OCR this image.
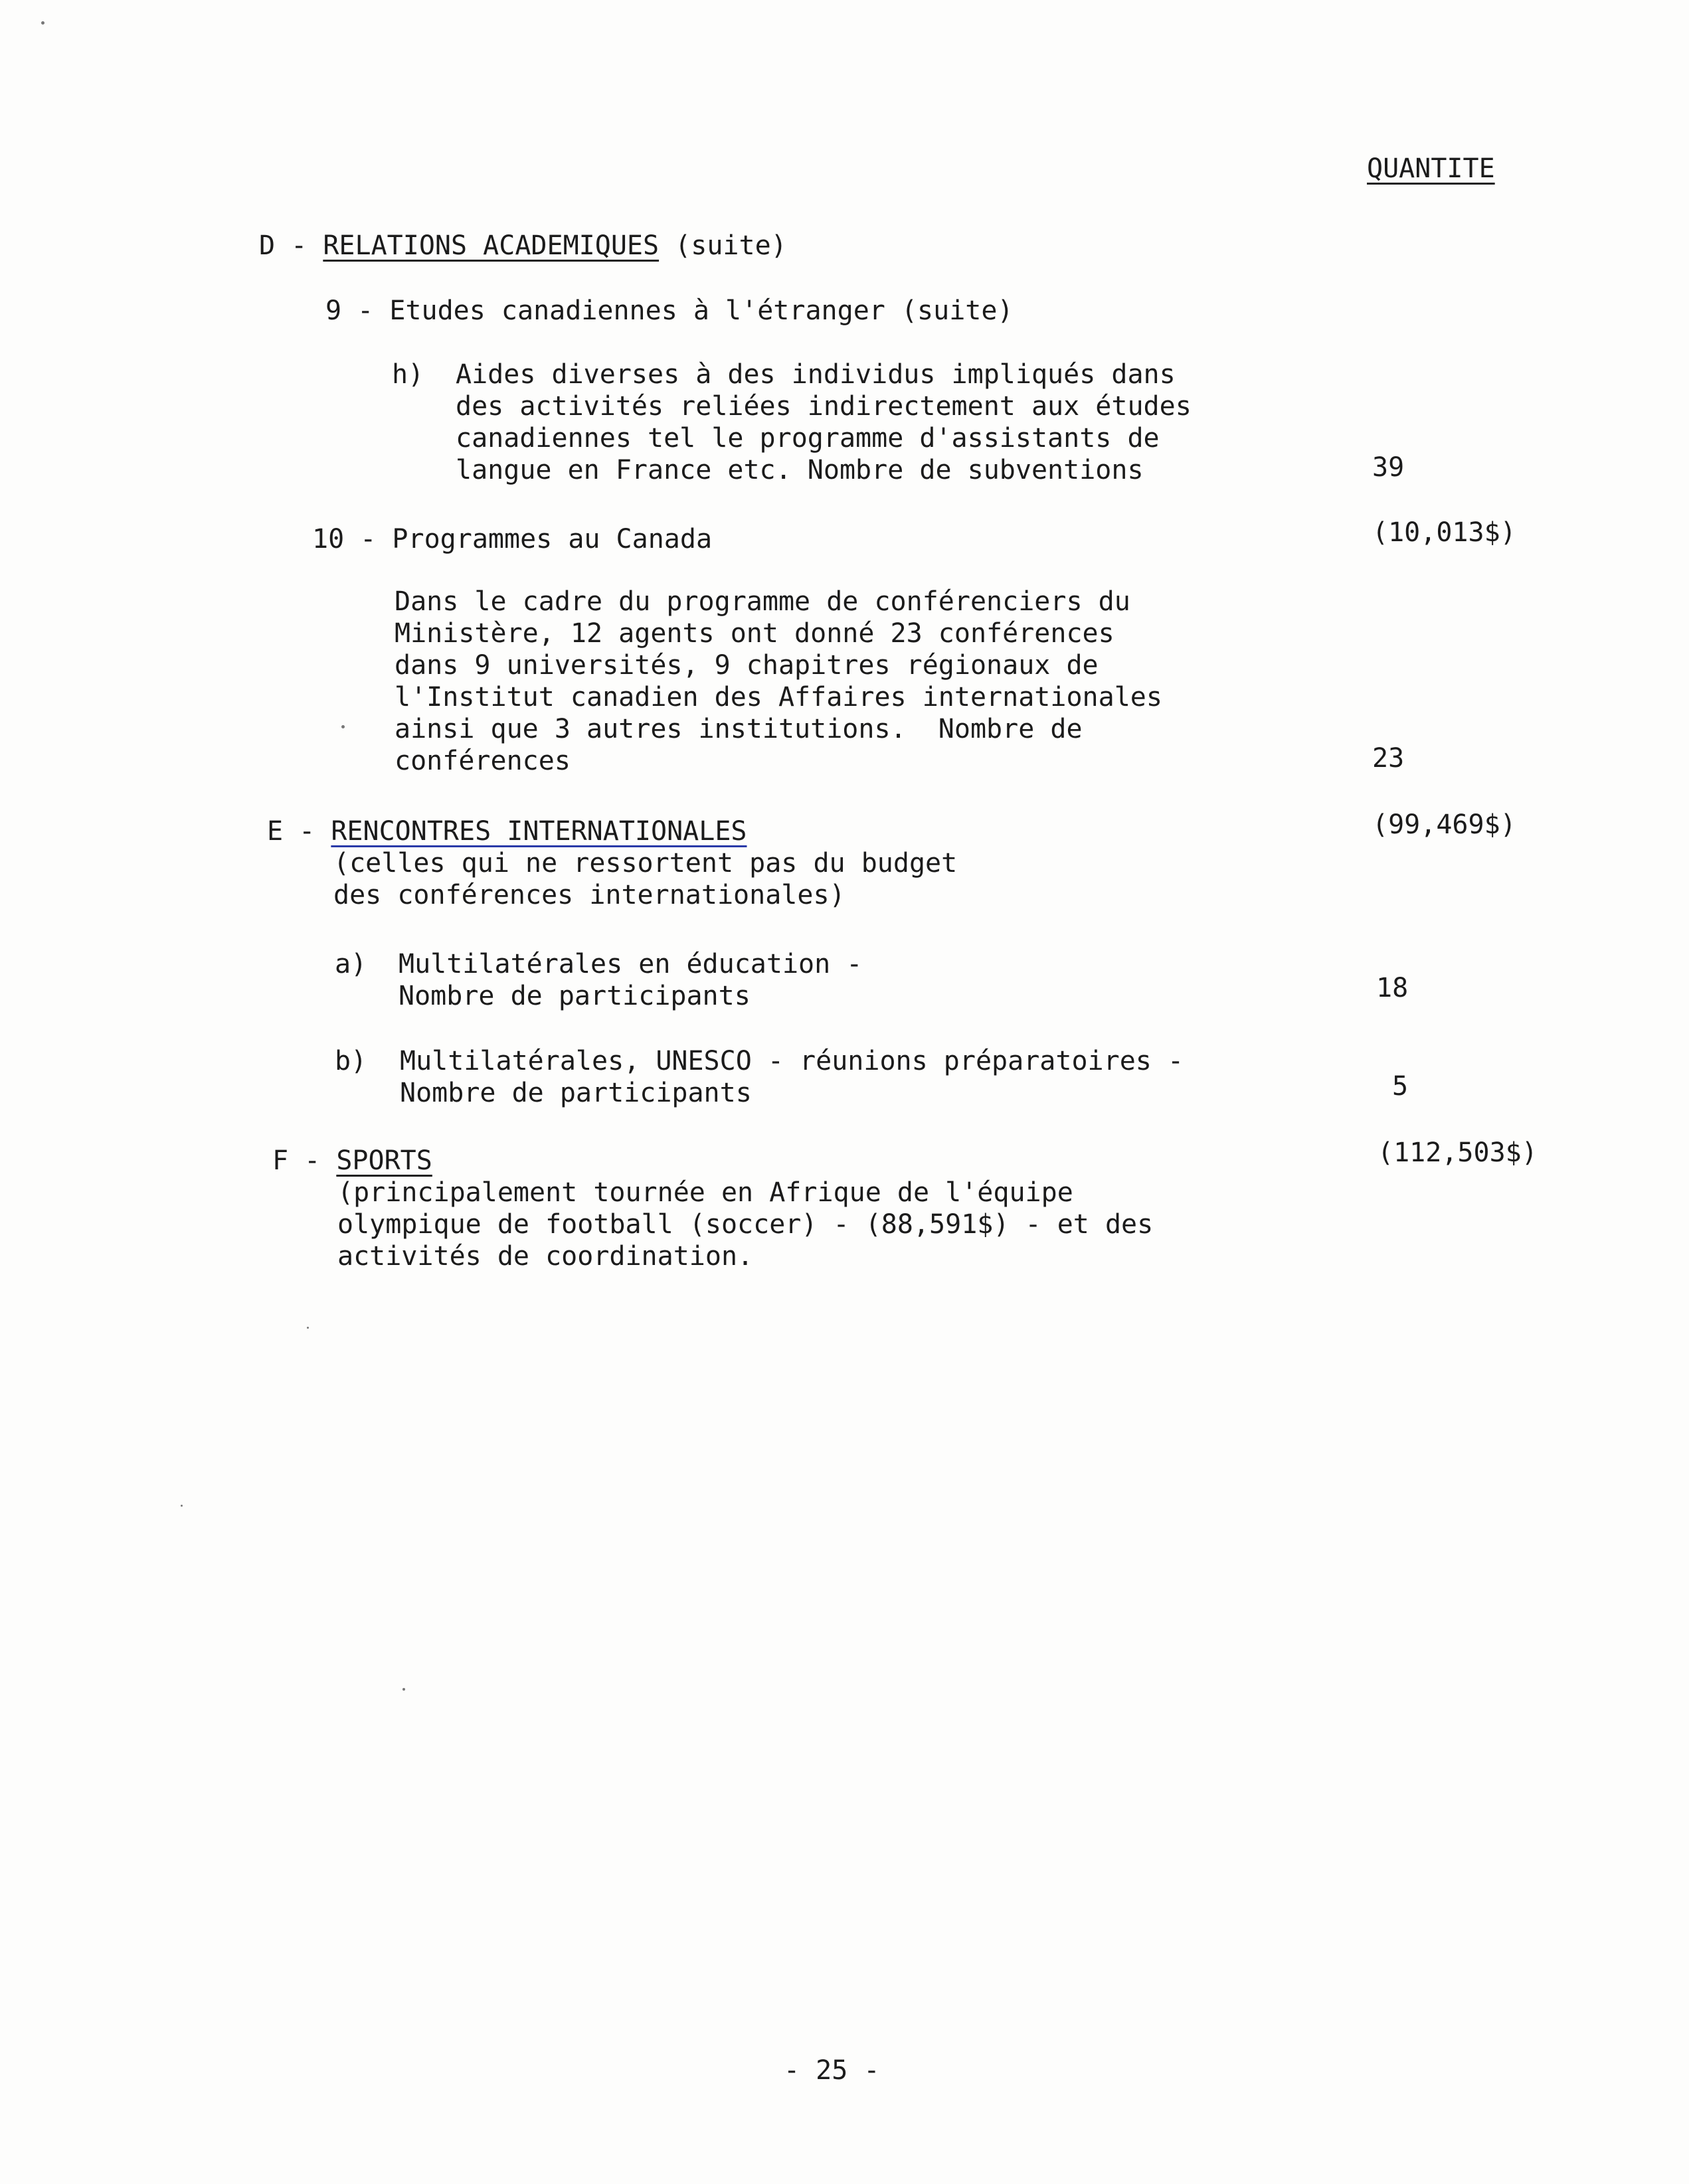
QUANTITE
D - RELATIONS ACADEMIQUES (suite)
9 - Etudes canadiennes à l'étranger (suite)
h) Aides diverses à des individus impliqués dans
des activités reliées indirectement aux études
canadiennes tel le programme d'assistants de
langue en France etc. Nombre de subventions	39
10 - Programmes au Canada	(10,013$)
Dans le cadre du programme de conférenciers du
Ministère, 12 agents ont donné 23 conférences
dans 9 universités, 9 chapitres régionaux de
l'Institut canadien des Affaires internationales
ainsi que 3 autres institutions.  Nombre de
conférences	23
E - RENCONTRES INTERNATIONALES	(99,469$)
(celles qui ne ressortent pas du budget
des conférences internationales)
a) Multilatérales en éducation -
Nombre de participants	18
b) Multilatérales, UNESCO - réunions préparatoires -
Nombre de participants	5
F - SPORTS	(112,503$)
(principalement tournée en Afrique de l'équipe
olympique de football (soccer) - (88,591$) - et des
activités de coordination.
- 25 -
